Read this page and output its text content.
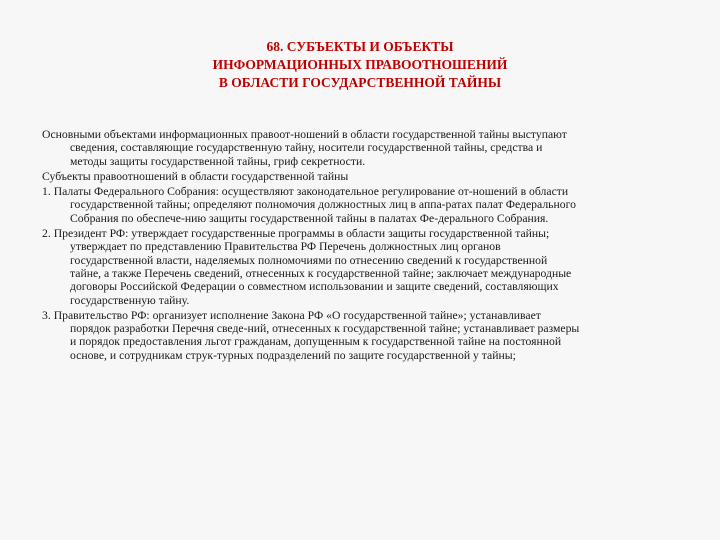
68. СУБЪЕКТЫ И ОБЪЕКТЫ
ИНФОРМАЦИОННЫХ ПРАВООТНОШЕНИЙ
В ОБЛАСТИ ГОСУДАРСТВЕННОЙ ТАЙНЫ
Основными объектами информационных правоот-ношений в области государственной тайны выступают
сведения, составляющие государственную тайну, носители государственной тайны, средства и
методы защиты государственной тайны, гриф секретности.
Субъекты правоотношений в области государственной тайны
1. Палаты Федерального Собрания: осуществляют законодательное регулирование от-ношений в области
государственной тайны; определяют полномочия должностных лиц в аппа-ратах палат Федерального
Собрания по обеспече-нию защиты государственной тайны в палатах Фе-дерального Собрания.
2. Президент РФ: утверждает государственные программы в области защиты государственной тайны;
утверждает по представлению Правительства РФ Перечень должностных лиц органов
государственной власти, наделяемых полномочиями по отнесению сведений к государственной
тайне, а также Перечень сведений, отнесенных к государственной тайне; заключает международные
договоры Российской Федерации о совместном использовании и защите сведений, составляющих
государственную тайну.
3. Правительство РФ: организует исполнение Закона РФ «О государственной тайне»; устанавливает
порядок разработки Перечня сведе-ний, отнесенных к государственной тайне; устанавливает размеры
и порядок предоставления льгот гражданам, допущенным к государственной тайне на постоянной
основе, и сотрудникам струк-турных подразделений по защите государственной у тайны;
